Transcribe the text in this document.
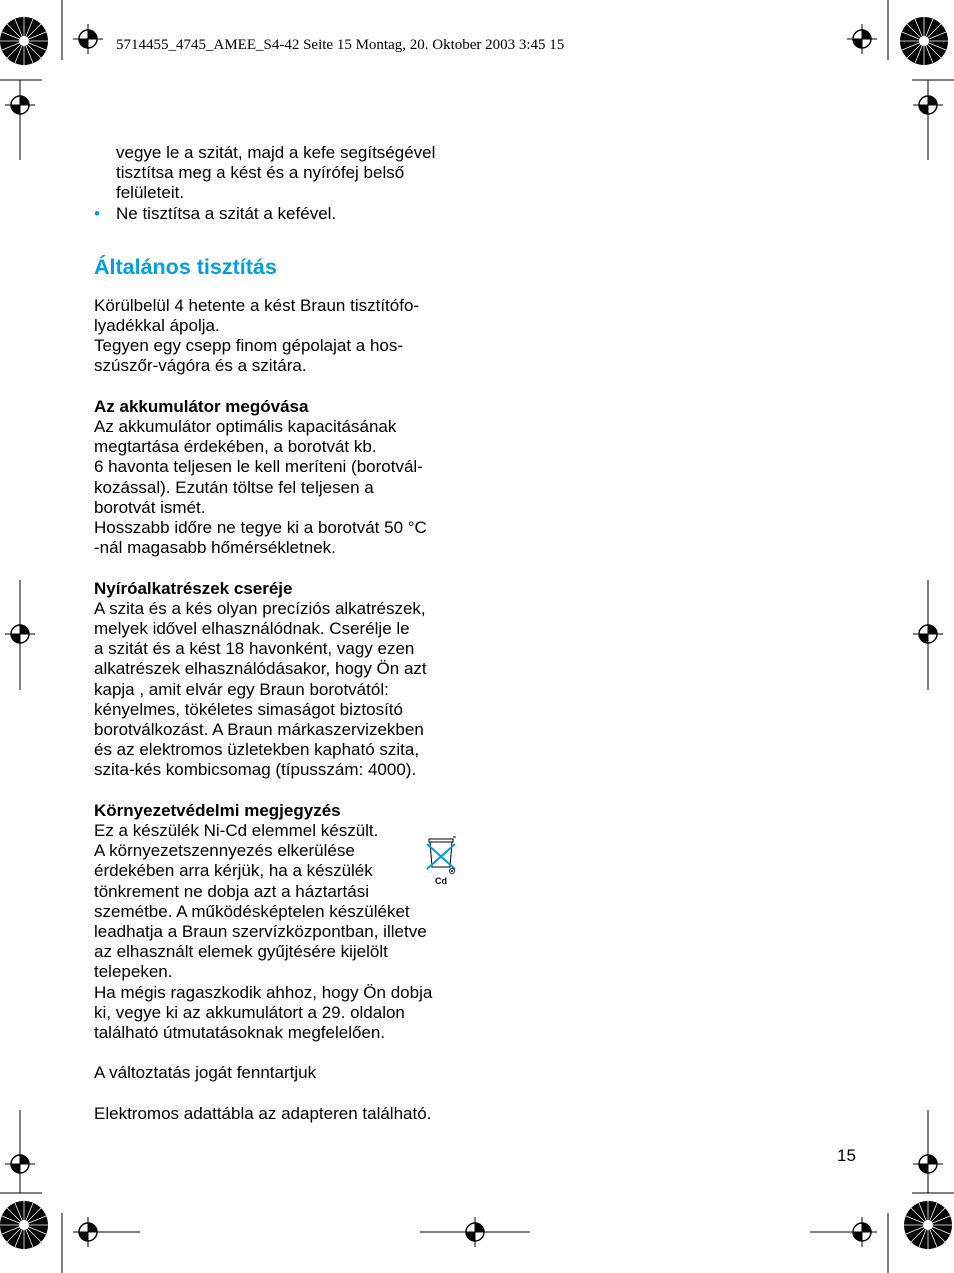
5714455_4745_AMEE_S4-42 Seite 15 Montag, 20. Oktober 2003 3:45 15

vegye le a szitát, majd a kefe segítségével

tisztítsa meg a kést és a nyírófej belső

felületeit.

• Ne tisztítsa a szitát a kefével.

Általános tisztítás

Körülbelül 4 hetente a kést Braun tisztítófo-

lyadékkal ápolja.

Tegyen egy csepp finom gépolajat a hos-

szúszőr-vágóra és a szitára.

Az akkumulátor megóvása

Az akkumulátor optimális kapacitásának

megtartása érdekében, a borotvát kb.

6 havonta teljesen le kell meríteni (borotvál-

kozással). Ezután töltse fel teljesen a

borotvát ismét.

Hosszabb időre ne tegye ki a borotvát 50 °C

-nál magasabb hőmérsékletnek.

Nyíróalkatrészek cseréje

A szita és a kés olyan precíziós alkatrészek,

melyek idővel elhasználódnak. Cserélje le

a szitát és a kést 18 havonként, vagy ezen

alkatrészek elhasználódásakor, hogy Ön azt

kapja , amit elvár egy Braun borotvától:

kényelmes, tökéletes simaságot biztosító

borotválkozást. A Braun márkaszervizekben

és az elektromos üzletekben kapható szita,

szita-kés kombicsomag (típusszám: 4000).

Környezetvédelmi megjegyzés

Ez a készülék Ni-Cd elemmel készült.

A környezetszennyezés elkerülése

érdekében arra kérjük, ha a készülék

tönkrement ne dobja azt a háztartási

szemétbe. A működésképtelen készüléket

leadhatja a Braun szervízközpontban, illetve

az elhasznált elemek gyűjtésére kijelölt

telepeken.

Ha mégis ragaszkodik ahhoz, hogy Ön dobja

ki, vegye ki az akkumulátort a 29. oldalon

található útmutatásoknak megfelelően.

A változtatás jogát fenntartjuk

Elektromos adattábla az adapteren található.

Cd
15
